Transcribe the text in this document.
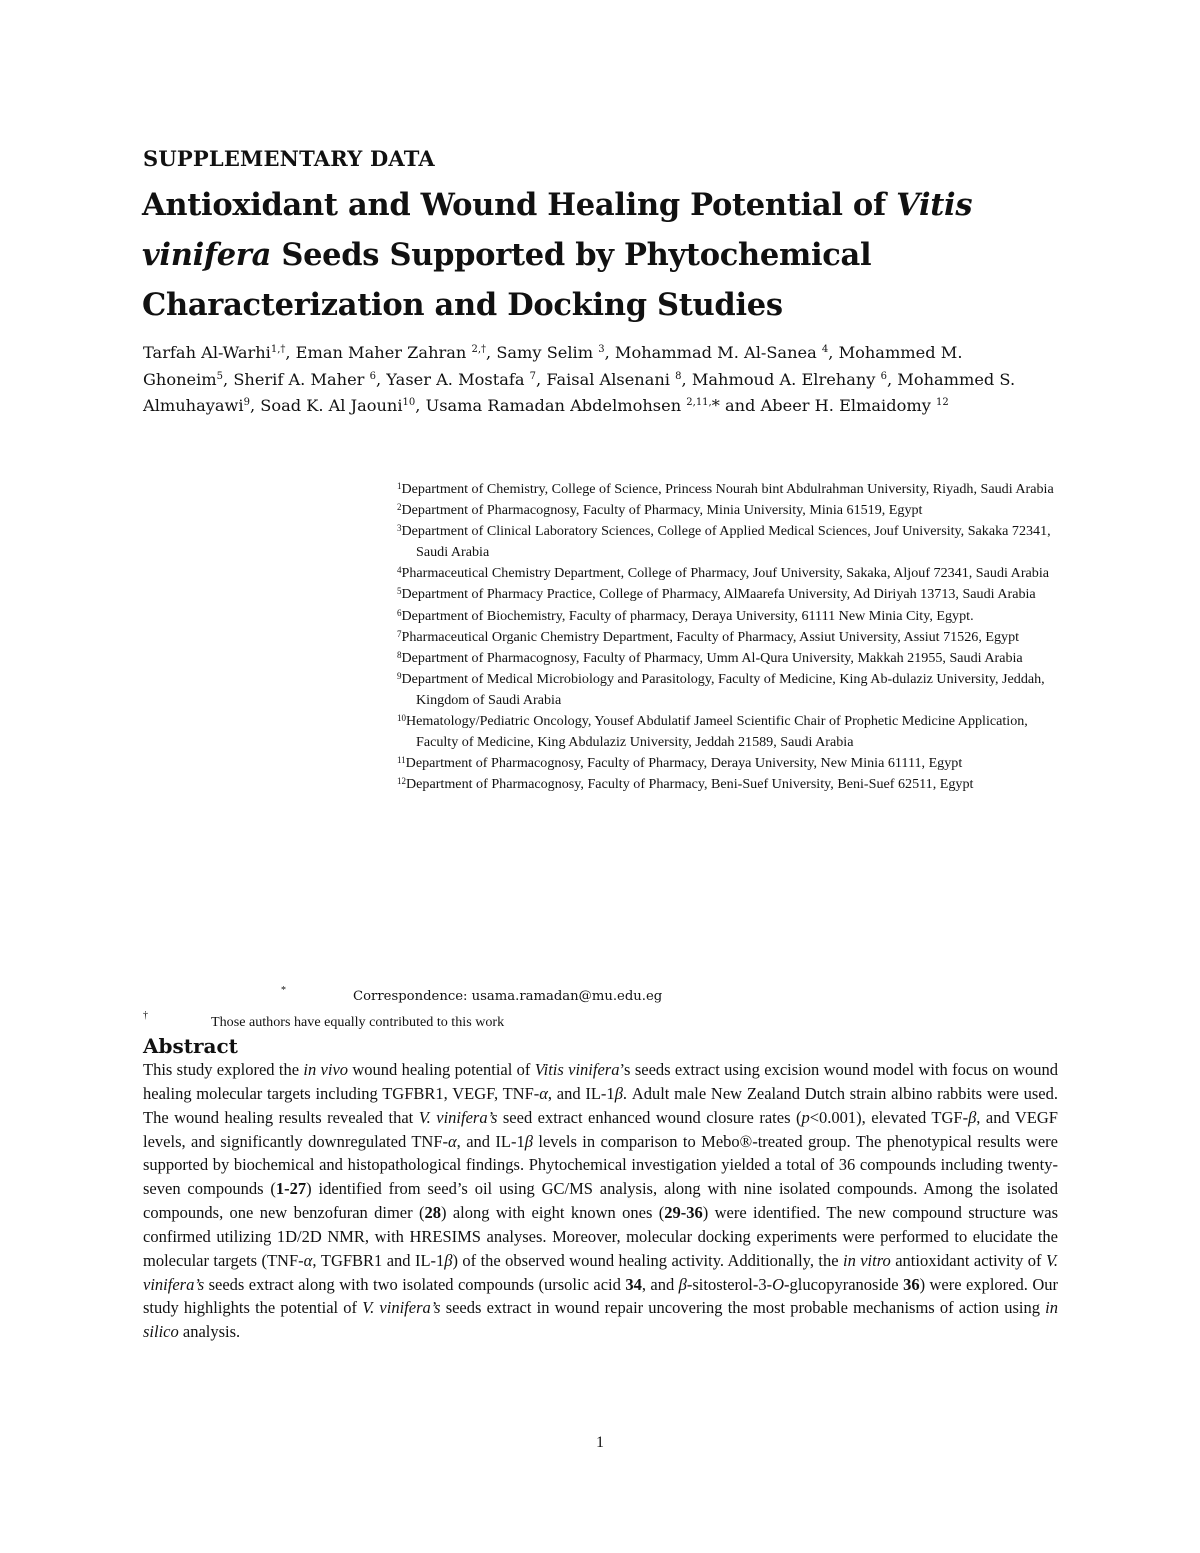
SUPPLEMENTARY DATA
Antioxidant and Wound Healing Potential of Vitis vinifera Seeds Supported by Phytochemical Characterization and Docking Studies

Tarfah Al-Warhi$^{1,\dagger}$, Eman Maher Zahran $^{2,\dagger}$, Samy Selim $^3$, Mohammad M. Al-Sanea $^4$, Mohammed M. Ghoneim$^5$, Sherif A. Maher $^6$, Yaser A. Mostafa $^7$, Faisal Alsenani $^8$, Mahmoud A. Elrehany $^6$, Mohammed S. Almuhayawi$^9$, Soad K. Al Jaouni$^{10}$, Usama Ramadan Abdelmohsen $^{2,11,}$* and Abeer H. Elmaidomy $^{12}$

$^1$Department of Chemistry, College of Science, Princess Nourah bint Abdulrahman University, Riyadh, Saudi Arabia
$^2$Department of Pharmacognosy, Faculty of Pharmacy, Minia University, Minia 61519, Egypt
$^3$Department of Clinical Laboratory Sciences, College of Applied Medical Sciences, Jouf University, Sakaka 72341, Saudi Arabia
$^4$Pharmaceutical Chemistry Department, College of Pharmacy, Jouf University, Sakaka, Aljouf 72341, Saudi Arabia
$^5$Department of Pharmacy Practice, College of Pharmacy, AlMaarefa University, Ad Diriyah 13713, Saudi Arabia
$^6$Department of Biochemistry, Faculty of pharmacy, Deraya University, 61111 New Minia City, Egypt.
$^7$Pharmaceutical Organic Chemistry Department, Faculty of Pharmacy, Assiut University, Assiut 71526, Egypt
$^8$Department of Pharmacognosy, Faculty of Pharmacy, Umm Al-Qura University, Makkah 21955, Saudi Arabia
$^9$Department of Medical Microbiology and Parasitology, Faculty of Medicine, King Ab-dulaziz University, Jeddah, Kingdom of Saudi Arabia
$^{10}$Hematology/Pediatric Oncology, Yousef Abdulatif Jameel Scientific Chair of Prophetic Medicine Application, Faculty of Medicine, King Abdulaziz University, Jeddah 21589, Saudi Arabia
$^{11}$Department of Pharmacognosy, Faculty of Pharmacy, Deraya University, New Minia 61111, Egypt
$^{12}$Department of Pharmacognosy, Faculty of Pharmacy, Beni-Suef University, Beni-Suef 62511, Egypt
*	Correspondence: usama.ramadan@mu.edu.eg
†	Those authors have equally contributed to this work
Abstract

This study explored the in vivo wound healing potential of Vitis vinifera’s seeds extract using excision wound model with focus on wound healing molecular targets including TGFBR1, VEGF, TNF-α, and IL-1β. Adult male New Zealand Dutch strain albino rabbits were used. The wound healing results revealed that V. vinifera’s seed extract enhanced wound closure rates (p<0.001), elevated TGF-β, and VEGF levels, and significantly downregulated TNF-α, and IL-1β levels in comparison to Mebo®-treated group. The phenotypical results were supported by biochemical and histopathological findings. Phytochemical investigation yielded a total of 36 compounds including twenty-seven compounds (1-27) identified from seed’s oil using GC/MS analysis, along with nine isolated compounds. Among the isolated compounds, one new benzofuran dimer (28) along with eight known ones (29-36) were identified. The new compound structure was confirmed utilizing 1D/2D NMR, with HRESIMS analyses. Moreover, molecular docking experiments were performed to elucidate the molecular targets (TNF-α, TGFBR1 and IL-1β) of the observed wound healing activity. Additionally, the in vitro antioxidant activity of V. vinifera’s seeds extract along with two isolated compounds (ursolic acid 34, and β-sitosterol-3-O-glucopyranoside 36) were explored. Our study highlights the potential of V. vinifera’s seeds extract in wound repair uncovering the most probable mechanisms of action using in silico analysis.

1
